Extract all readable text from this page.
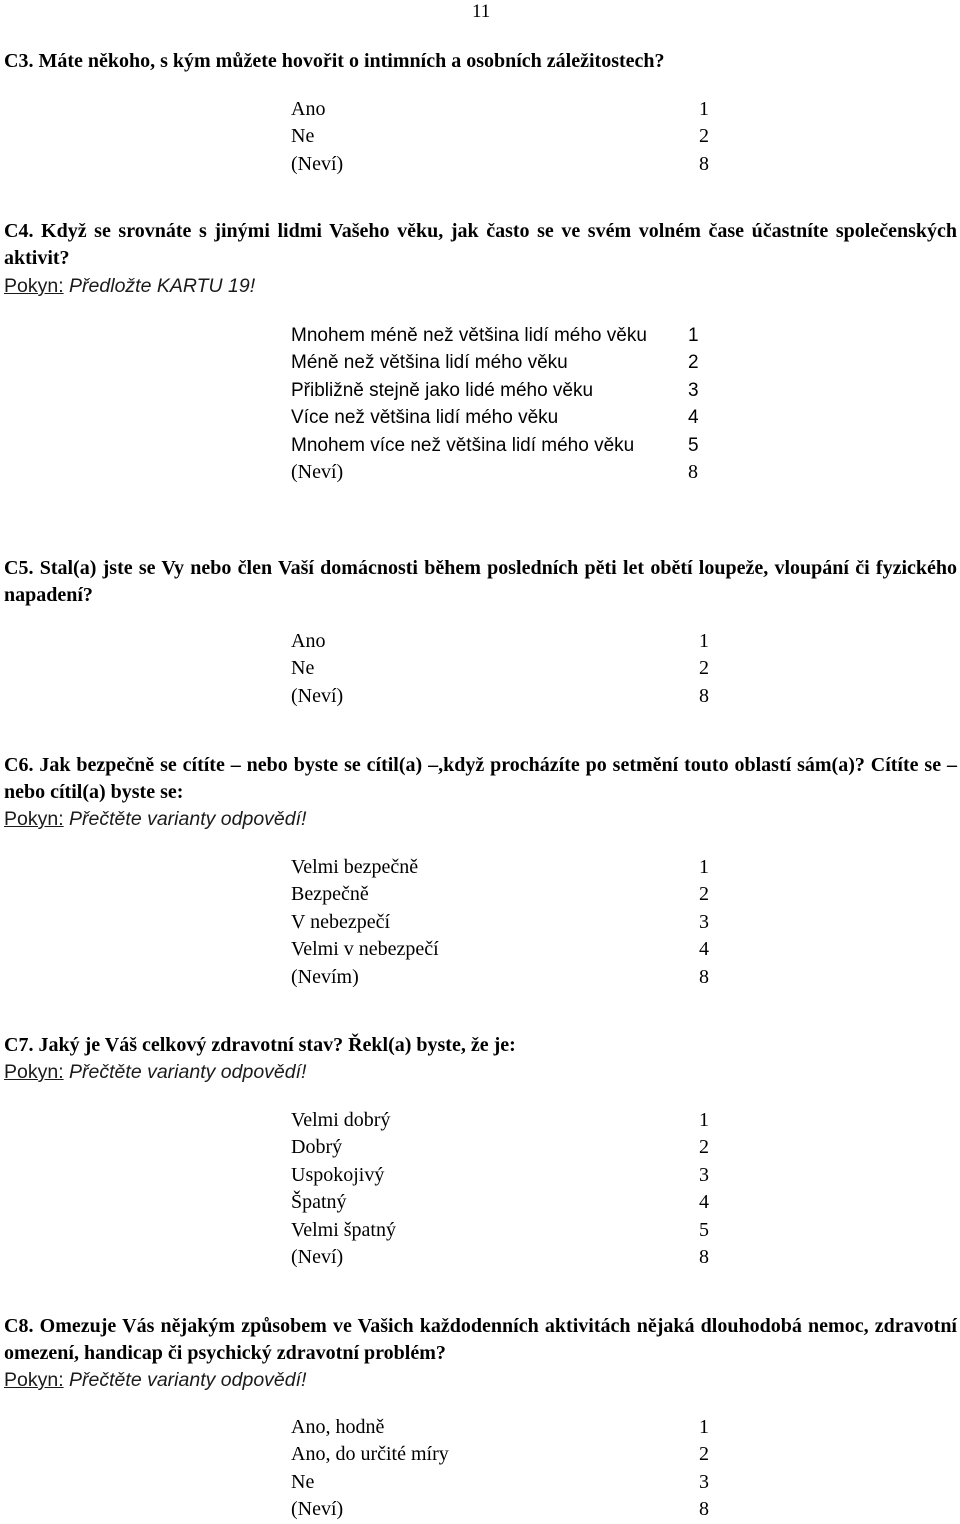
11

C3. Máte někoho, s kým můžete hovořit o intimních a osobních záležitostech?

Ano	1
Ne	2
(Neví)	8

C4. Když se srovnáte s jinými lidmi Vašeho věku, jak často se ve svém volném čase účastníte společenských aktivit?

Pokyn: Předložte KARTU 19!
Mnohem méně než většina lidí mého věku	1
Méně než většina lidí mého věku	2
Přibližně stejně jako lidé mého věku	3
Více než většina lidí mého věku	4
Mnohem více než většina lidí mého věku	5
(Neví)	8

C5. Stal(a) jste se Vy nebo člen Vaší domácnosti během posledních pěti let obětí loupeže, vloupání či fyzického napadení?

Ano	1
Ne	2
(Neví)	8

C6. Jak bezpečně se cítíte – nebo byste se cítil(a) –,když procházíte po setmění touto oblastí sám(a)? Cítíte se – nebo cítil(a) byste se:

Pokyn: Přečtěte varianty odpovědí!
Velmi bezpečně	1
Bezpečně	2
V nebezpečí	3
Velmi v nebezpečí	4
(Nevím)	8

C7. Jaký je Váš celkový zdravotní stav? Řekl(a) byste, že je:

Pokyn: Přečtěte varianty odpovědí!
Velmi dobrý	1
Dobrý	2
Uspokojivý	3
Špatný	4
Velmi špatný	5
(Neví)	8

C8. Omezuje Vás nějakým způsobem ve Vašich každodenních aktivitách nějaká dlouhodobá nemoc, zdravotní omezení, handicap či psychický zdravotní problém?

Pokyn: Přečtěte varianty odpovědí!
Ano, hodně	1
Ano, do určité míry	2
Ne	3
(Neví)	8
